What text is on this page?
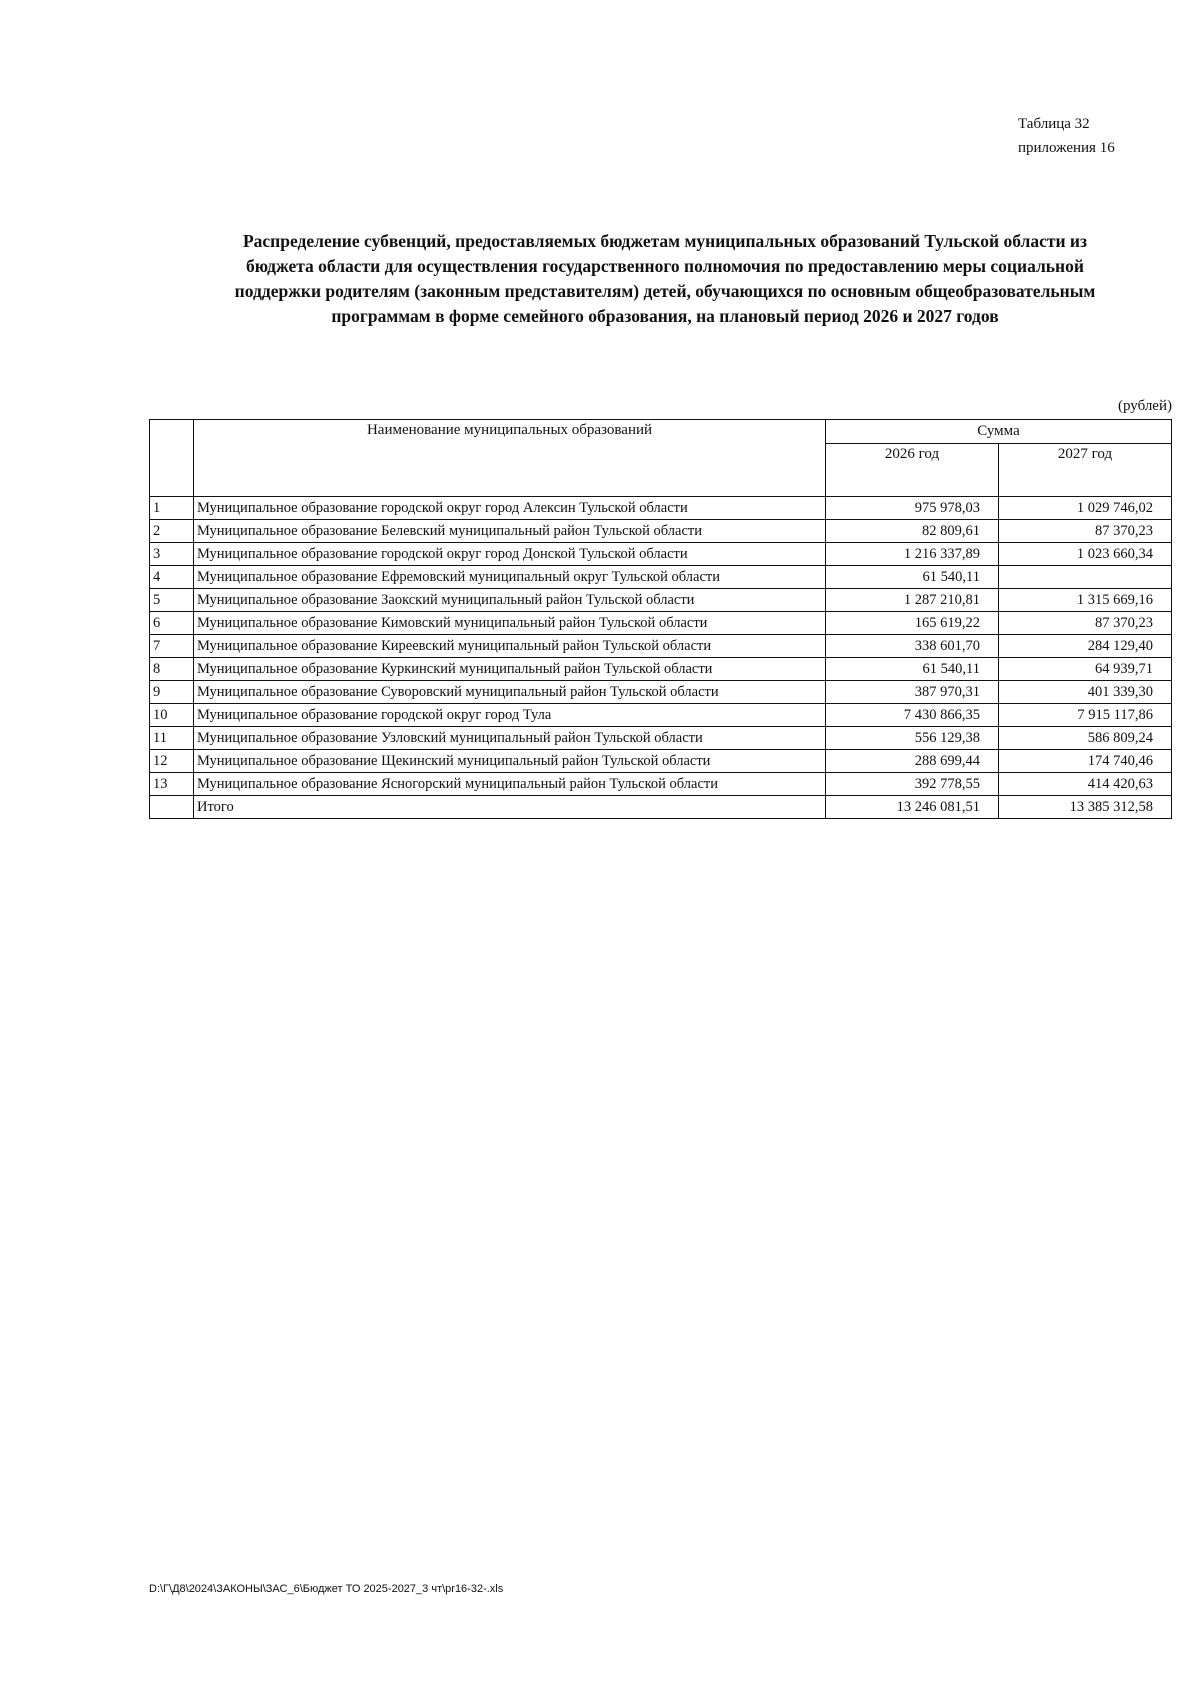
Таблица 32
приложения 16
Распределение субвенций, предоставляемых бюджетам муниципальных образований Тульской области из
бюджета области для осуществления государственного полномочия по предоставлению меры социальной
поддержки родителям (законным представителям) детей, обучающихся по основным общеобразовательным
программам в форме семейного образования, на плановый период 2026 и 2027 годов
(рублей)
	Наименование муниципальных образований	Сумма	
		2026 год	2027 год
1	Муниципальное образование городской округ город Алексин Тульской области	975 978,03	1 029 746,02
2	Муниципальное образование Белевский муниципальный район Тульской области	82 809,61	87 370,23
3	Муниципальное образование городской округ город Донской Тульской области	1 216 337,89	1 023 660,34
4	Муниципальное образование Ефремовский муниципальный округ Тульской области	61 540,11	
5	Муниципальное образование Заокский муниципальный район Тульской области	1 287 210,81	1 315 669,16
6	Муниципальное образование Кимовский муниципальный район Тульской области	165 619,22	87 370,23
7	Муниципальное образование Киреевский муниципальный район Тульской области	338 601,70	284 129,40
8	Муниципальное образование Куркинский муниципальный район Тульской области	61 540,11	64 939,71
9	Муниципальное образование Суворовский муниципальный район Тульской области	387 970,31	401 339,30
10	Муниципальное образование городской округ город Тула	7 430 866,35	7 915 117,86
11	Муниципальное образование Узловский муниципальный район Тульской области	556 129,38	586 809,24
12	Муниципальное образование Щекинский муниципальный район Тульской области	288 699,44	174 740,46
13	Муниципальное образование Ясногорский муниципальный район Тульской области	392 778,55	414 420,63
	Итого	13 246 081,51	13 385 312,58
D:\Г\Д8\2024\ЗАКОНЫ\ЗАС_6\Бюджет ТО 2025-2027_3 чт\pr16-32-.xls
